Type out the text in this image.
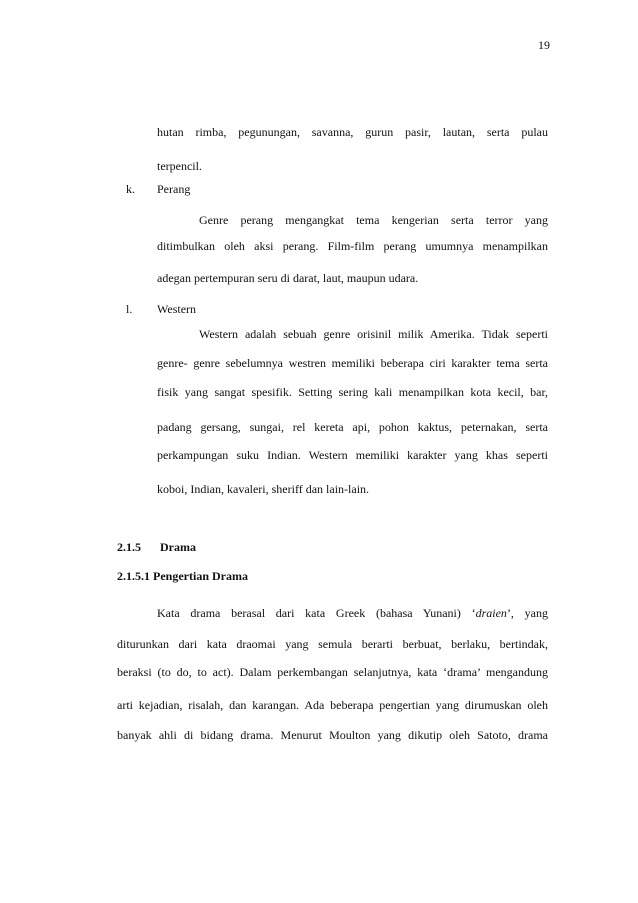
19
hutan rimba, pegunungan, savanna, gurun pasir, lautan, serta pulau
terpencil.
k. Perang
Genre perang mengangkat tema kengerian serta terror yang
ditimbulkan oleh aksi perang. Film-film perang umumnya menampilkan
adegan pertempuran seru di darat, laut, maupun udara.
l. Western
Western adalah sebuah genre orisinil milik Amerika. Tidak seperti
genre- genre sebelumnya westren memiliki beberapa ciri karakter tema serta
fisik yang sangat spesifik. Setting sering kali menampilkan kota kecil, bar,
padang gersang, sungai, rel kereta api, pohon kaktus, peternakan, serta
perkampungan suku Indian. Western memiliki karakter yang khas seperti
koboi, Indian, kavaleri, sheriff dan lain-lain.
2.1.5 Drama
2.1.5.1 Pengertian Drama
Kata drama berasal dari kata Greek (bahasa Yunani) ‘draien’, yang
diturunkan dari kata draomai yang semula berarti berbuat, berlaku, bertindak,
beraksi (to do, to act). Dalam perkembangan selanjutnya, kata ‘drama’ mengandung
arti kejadian, risalah, dan karangan. Ada beberapa pengertian yang dirumuskan oleh
banyak ahli di bidang drama. Menurut Moulton yang dikutip oleh Satoto, drama
